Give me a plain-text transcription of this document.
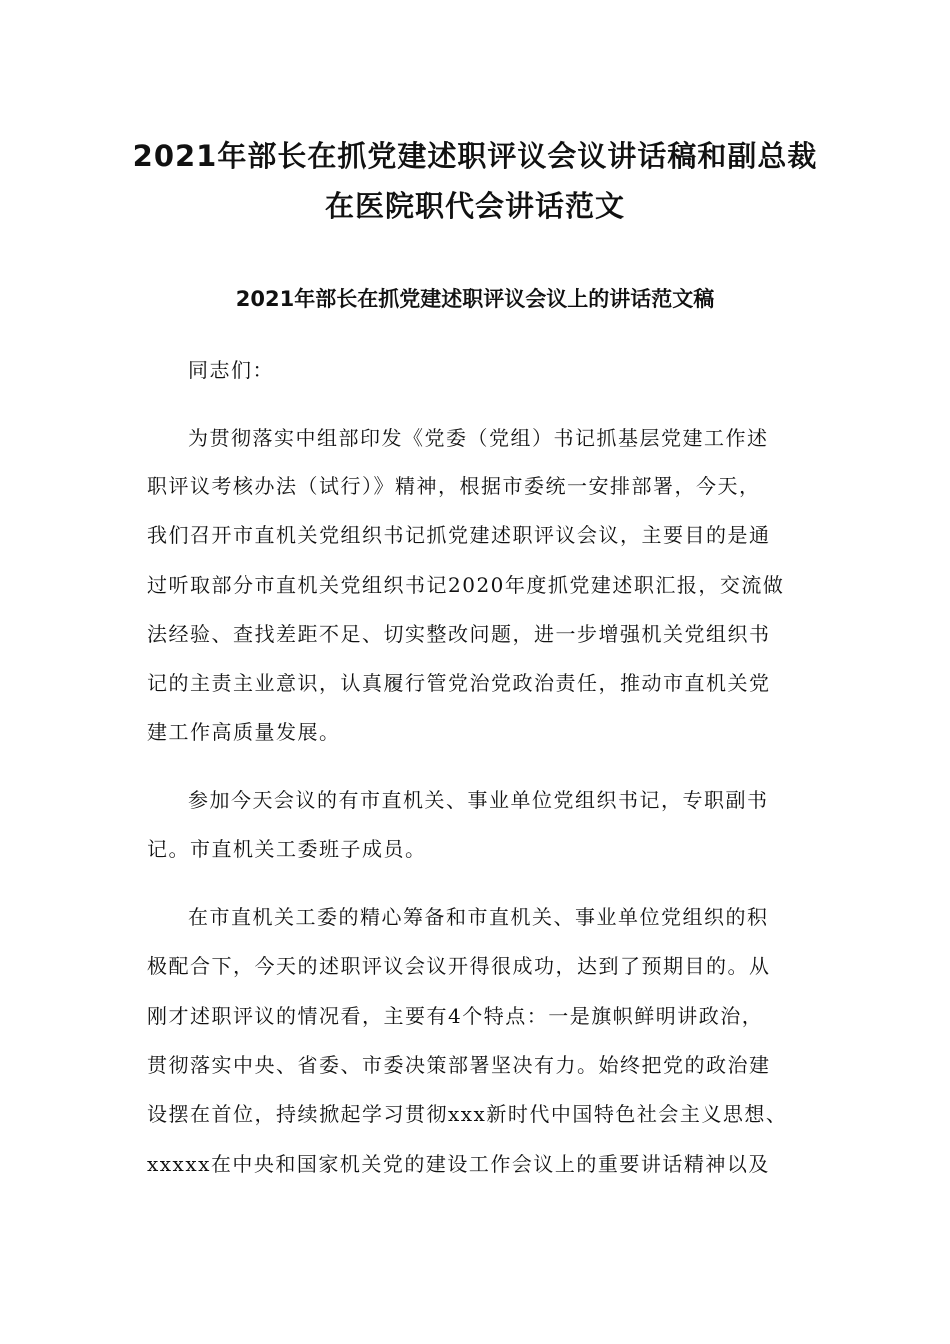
2021年部长在抓党建述职评议会议讲话稿和副总裁
在医院职代会讲话范文
2021年部长在抓党建述职评议会议上的讲话范文稿
同志们：
为贯彻落实中组部印发《党委（党组）书记抓基层党建工作述
职评议考核办法（试行）》精神，根据市委统一安排部署，今天，
我们召开市直机关党组织书记抓党建述职评议会议，主要目的是通
过听取部分市直机关党组织书记2020年度抓党建述职汇报，交流做
法经验、查找差距不足、切实整改问题，进一步增强机关党组织书
记的主责主业意识，认真履行管党治党政治责任，推动市直机关党
建工作高质量发展。
参加今天会议的有市直机关、事业单位党组织书记，专职副书
记。市直机关工委班子成员。
在市直机关工委的精心筹备和市直机关、事业单位党组织的积
极配合下，今天的述职评议会议开得很成功，达到了预期目的。从
刚才述职评议的情况看，主要有4个特点：一是旗帜鲜明讲政治，
贯彻落实中央、省委、市委决策部署坚决有力。始终把党的政治建
设摆在首位，持续掀起学习贯彻xxx新时代中国特色社会主义思想、
xxxxx在中央和国家机关党的建设工作会议上的重要讲话精神以及
